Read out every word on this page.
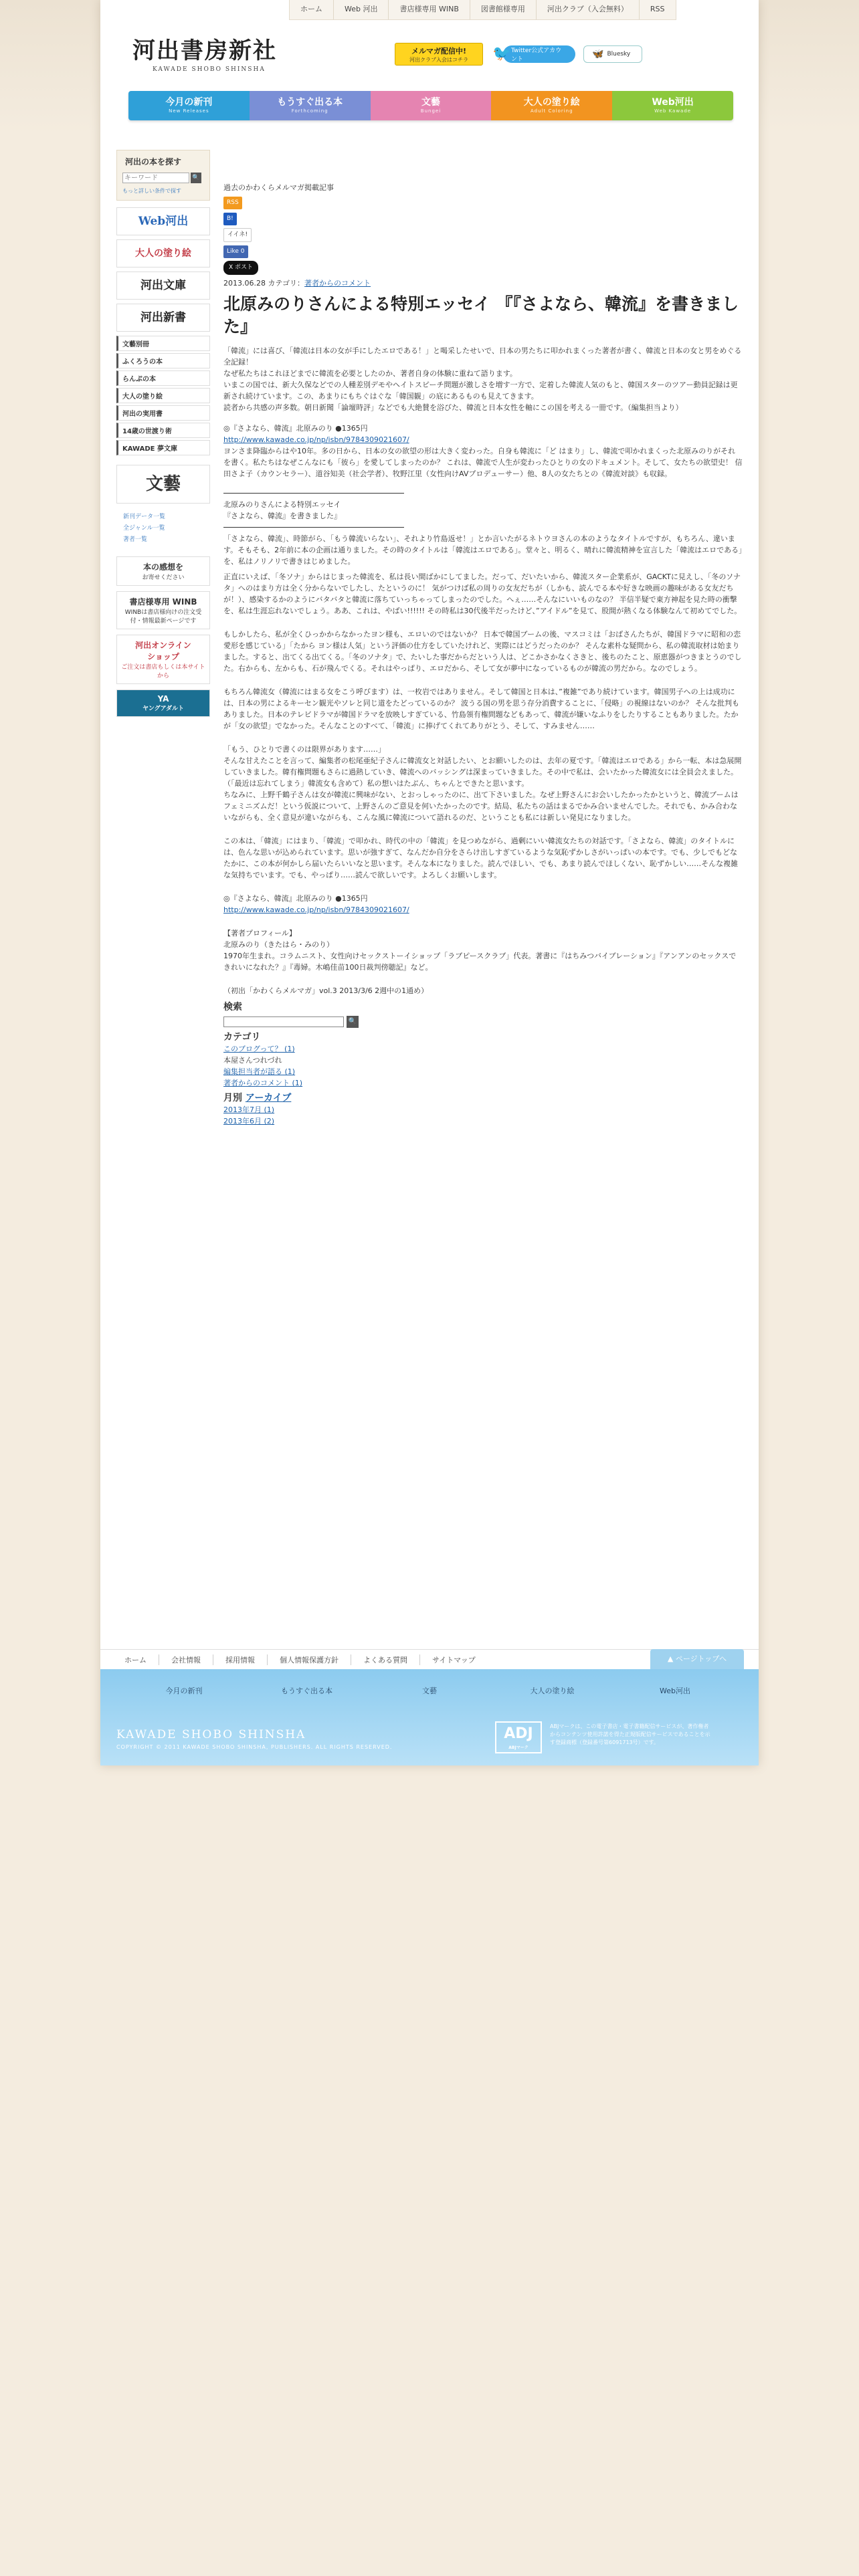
ホーム	Web 河出	書店様専用 WINB	図書館様専用	河出クラブ（入会無料）	RSS
河出書房新社
KAWADE SHOBO SHINSHA
メルマガ配信中!
河出クラブ入会はコチラ	🐦 Twitter公式アカウント	🦋 Bluesky
今月の新刊
New Releases
もうすぐ出る本
Forthcoming
文藝
Bungei
大人の塗り絵
Adult Coloring
Web河出
Web Kawade
河出の本を探す
キーワード
🔍
もっと詳しい条件で探す
Web河出
大人の塗り絵
河出文庫
河出新書
文藝別冊
ふくろうの本
らんぷの本
大人の塗り絵
河出の実用書
14歳の世渡り術
KAWADE 夢文庫
文藝
新刊データ一覧
全ジャンル一覧
著者一覧
本の感想を
お寄せください
書店様専用 WINB
WINBは書店様向けの注文受付・情報最新ページです
河出オンライン
ショップ
ご注文は書店もしくは本サイトから
YA
ヤングアダルト

過去のかわくらメルマガ掲載記事

RSS
B!
イイネ!
Like 0
X ポスト

2013.06.28 カテゴリ：著者からのコメント

北原みのりさんによる特別エッセイ 『『さよなら、韓流』を書きました』

「韓流」には喜び、「韓流は日本の女が手にしたエロである！」と喝采したせいで、日本の男たちに叩かれまくった著者が書く、韓流と日本の女と男をめぐる全記録！

なぜ私たちはこれほどまでに韓流を必要としたのか、著者自身の体験に重ねて語ります。

いまこの国では、新大久保などでの人種差別デモやヘイトスピーチ問題が激しさを増す一方で、定着した韓流人気のもと、韓国スターのツアー動員記録は更新され続けています。この、あまりにもちぐはぐな「韓国観」の底にあるものも見えてきます。

読者から共感の声多数。朝日新聞「論壇時評」などでも大絶賛を浴びた、韓流と日本女性を軸にこの国を考える一冊です。（編集担当より）

◎『さよなら、韓流』北原みのり ●1365円

http://www.kawade.co.jp/np/isbn/9784309021607/

ヨンさま降臨からはや10年。多の日から、日本の女の欲望の形は大きく変わった。自身も韓流に「ど はまり」し、韓流で叩かれまくった北原みのりがそれを書く。私たちはなぜこんなにも「彼ら」を愛してしまったのか？ これは、韓流で人生が変わったひとりの女のドキュメント。そして、女たちの欲望史！ 信田さよ子（カウンセラー）、道谷知美（社会学者）、牧野江里（女性向けAVプロデューサー）他、8人の女たちとの《韓流対談》も収録。

北原みのりさんによる特別エッセイ

『さよなら、韓流』を書きました』

「さよなら、韓流」、時節がら、「もう韓流いらない」、それより竹島返せ！」とか言いたがるネトウヨさんの本のようなタイトルですが、もちろん、違います。そもそも、2年前に本の企画は通りました。その時のタイトルは「韓流はエロである」。堂々と、明るく、晴れに韓流精神を宣言した「韓流はエロである」を、私はノリノリで書きはじめました。

正直にいえば、「冬ソナ」からはじまった韓流を、私は長い間ばかにしてました。だって、だいたいから、韓流スター企業系が、GACKTに見えし、「冬のソナタ」へのはまり方は全く分からないでしたし、たというのに！ 気がつけば私の周りの女友だちが（しかも、読んでる本や好きな映画の趣味がある女友だちが！）、感染するかのようにバタバタと韓流に落ちていっちゃってしまったのでした。へぇ……そんなにいいものなの？ 半信半疑で東方神起を見た時の衝撃を、私は生涯忘れないでしょう。ああ、これは、やばい!!!!!! その時私は30代後半だったけど、”アイドル”を見て、股間が熱くなる体験なんて初めてでした。

もしかしたら、私が全くひっかからなかったヨン様も、エロいのではないか？ 日本で韓国ブームの後、マスコミは「おばさんたちが、韓国ドラマに昭和の恋愛形を感じている」「たから ヨン様は人気」という評価の仕方をしていたけれど、実際にはどうだったのか？ そんな素朴な疑問から、私の韓流取材は始まりました。すると、出てくる出てくる。「冬のソナタ」で、たいした事だからだという人は、どこかさかなくさきと、後ちのたこと、原恵器がつきまとうのでした。右からも、左からも、石が飛んでくる。それはやっぱり、エロだから、そして女が夢中になっているものが韓流の男だから。なのでしょう。

もちろん韓流女（韓流にはまる女をこう呼びます）は、一枚岩ではありません。そして韓国と日本は、”複雑”であり続けています。韓国男子への上は成功には、日本の男によるキーセン観光やソレと同じ道をたどっているのか？ 波うる国の男を思う存分消費することに、「侵略」の視線はないのか？ そんな批判もありました。日本のテレビドラマが韓国ドラマを放映しすぎている、竹島領有権問題などもあって、韓流が嫌いなふりをしたりすることもありました。たかが「女の欲望」でなかった。そんなことのすべて、「韓流」に捧げてくれてありがとう、そして、すみません……

「もう、ひとりで書くのは限界があります……」

そんな甘えたことを言って、編集者の松尾亜紀子さんに韓流女と対話したい、とお願いしたのは、去年の夏です。「韓流はエロである」から一転、本は急展開していきました。韓有権問題もさらに過熱していき、韓流へのバッシングは深まっていきました。その中で私は、会いたかった韓流女には全員会えました。（「最近は忘れてしまう」韓流女も含めて）私の想いはたぶん、ちゃんとできたと思います。

ちなみに、上野千鶴子さんは女が韓流に興味がない、とおっしゃったのに、出て下さいました。なぜ上野さんにお会いしたかったかというと、韓流ブームはフェミニズムだ！という仮説について、上野さんのご意見を何いたかったのです。結局、私たちの話はまるでかみ合いませんでした。それでも、かみ合わないながらも、全く意見が違いながらも、こんな風に韓流について語れるのだ、ということも私には新しい発見になりました。

この本は、「韓流」にはまり、「韓流」で叩かれ、時代の中の「韓流」を見つめながら、過剰にいい韓流女たちの対話です。「さよなら、韓流」のタイトルには、色んな思いが込められています。思いが強すぎて、なんだか自分をさらけ出しすぎているような気恥ずかしさがいっぱいの本です。でも、少しでもどなたかに、この本が何かしら届いたらいいなと思います。そんな本になりました。読んでほしい、でも、あまり読んでほしくない、恥ずかしい……そんな複雑な気持ちでいます。でも、やっぱり……読んで欲しいです。よろしくお願いします。

◎『さよなら、韓流』北原みのり ●1365円

http://www.kawade.co.jp/np/isbn/9784309021607/

【著者プロフィール】

北原みのり（きたはら・みのり）

1970年生まれ。コラムニスト、女性向けセックストーイショップ「ラブピースクラブ」代表。著書に『はちみつバイブレーション』『アンアンのセックスできれいになれた？』『毒婦。木嶋佳苗100日裁判傍聴記』など。

（初出「かわくらメルマガ」vol.3 2013/3/6 2週中の1通め）

検索
🔍
カテゴリ

このブログって？ (1)

本屋さんつれづれ

編集担当者が語る (1)

著者からのコメント (1)

月別 アーカイブ

2013年7月 (1)

2013年6月 (2)

ホーム	会社情報	採用情報	個人情報保護方針	よくある質問	サイトマップ	▲ ページトップへ
今月の新刊	もうすぐ出る本	文藝	大人の塗り絵	Web河出
KAWADE SHOBO SHINSHA
COPYRIGHT © 2011 KAWADE SHOBO SHINSHA, PUBLISHERS. ALL RIGHTS RESERVED.
ADJ
ABJマーク
ABJマークは、この電子書店・電子書籍配信サービスが、著作権者からコンテンツ使用許諾を得た正規版配信サービスであることを示す登録商標（登録番号第6091713号）です。
